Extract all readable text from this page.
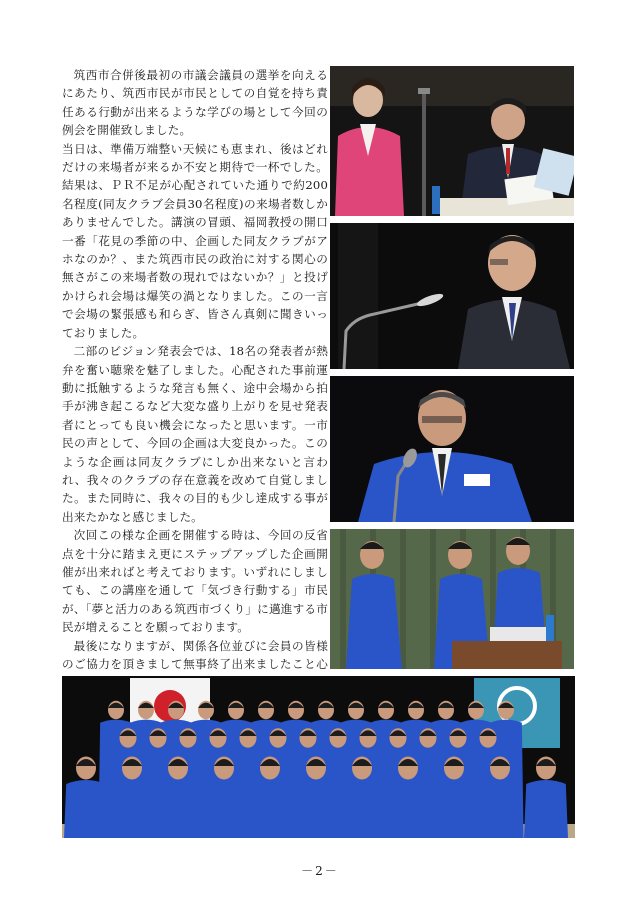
筑西市合併後最初の市議会議員の選挙を向えるにあたり、筑西市民が市民としての自覚を持ち責任ある行動が出来るような学びの場として今回の例会を開催致しました。

当日は、準備万端整い天候にも恵まれ、後はどれだけの来場者が来るか不安と期待で一杯でした。結果は、ＰＲ不足が心配されていた通りで約200名程度(同友クラブ会員30名程度)の来場者数しかありませんでした。講演の冒頭、福岡教授の開口一番「花見の季節の中、企画した同友クラブがアホなのか？、また筑西市民の政治に対する関心の無さがこの来場者数の現れではないか？」と投げかけられ会場は爆笑の渦となりました。この一言で会場の緊張感も和らぎ、皆さん真剣に聞きいっておりました。

二部のビジョン発表会では、18名の発表者が熱弁を奮い聴衆を魅了しました。心配された事前運動に抵触するような発言も無く、途中会場から拍手が沸き起こるなど大変な盛り上がりを見せ発表者にとっても良い機会になったと思います。一市民の声として、今回の企画は大変良かった。このような企画は同友クラブにしか出来ないと言われ、我々のクラブの存在意義を改めて自覚しました。また同時に、我々の目的も少し達成する事が出来たかなと感じました。

次回この様な企画を開催する時は、今回の反省点を十分に踏まえ更にステップアップした企画開催が出来ればと考えております。いずれにしましても、この講座を通して「気づき行動する」市民が、「夢と活力のある筑西市づくり」に邁進する市民が増えることを願っております。

最後になりますが、関係各位並びに会員の皆様のご協力を頂きまして無事終了出来ましたこと心

－2－
